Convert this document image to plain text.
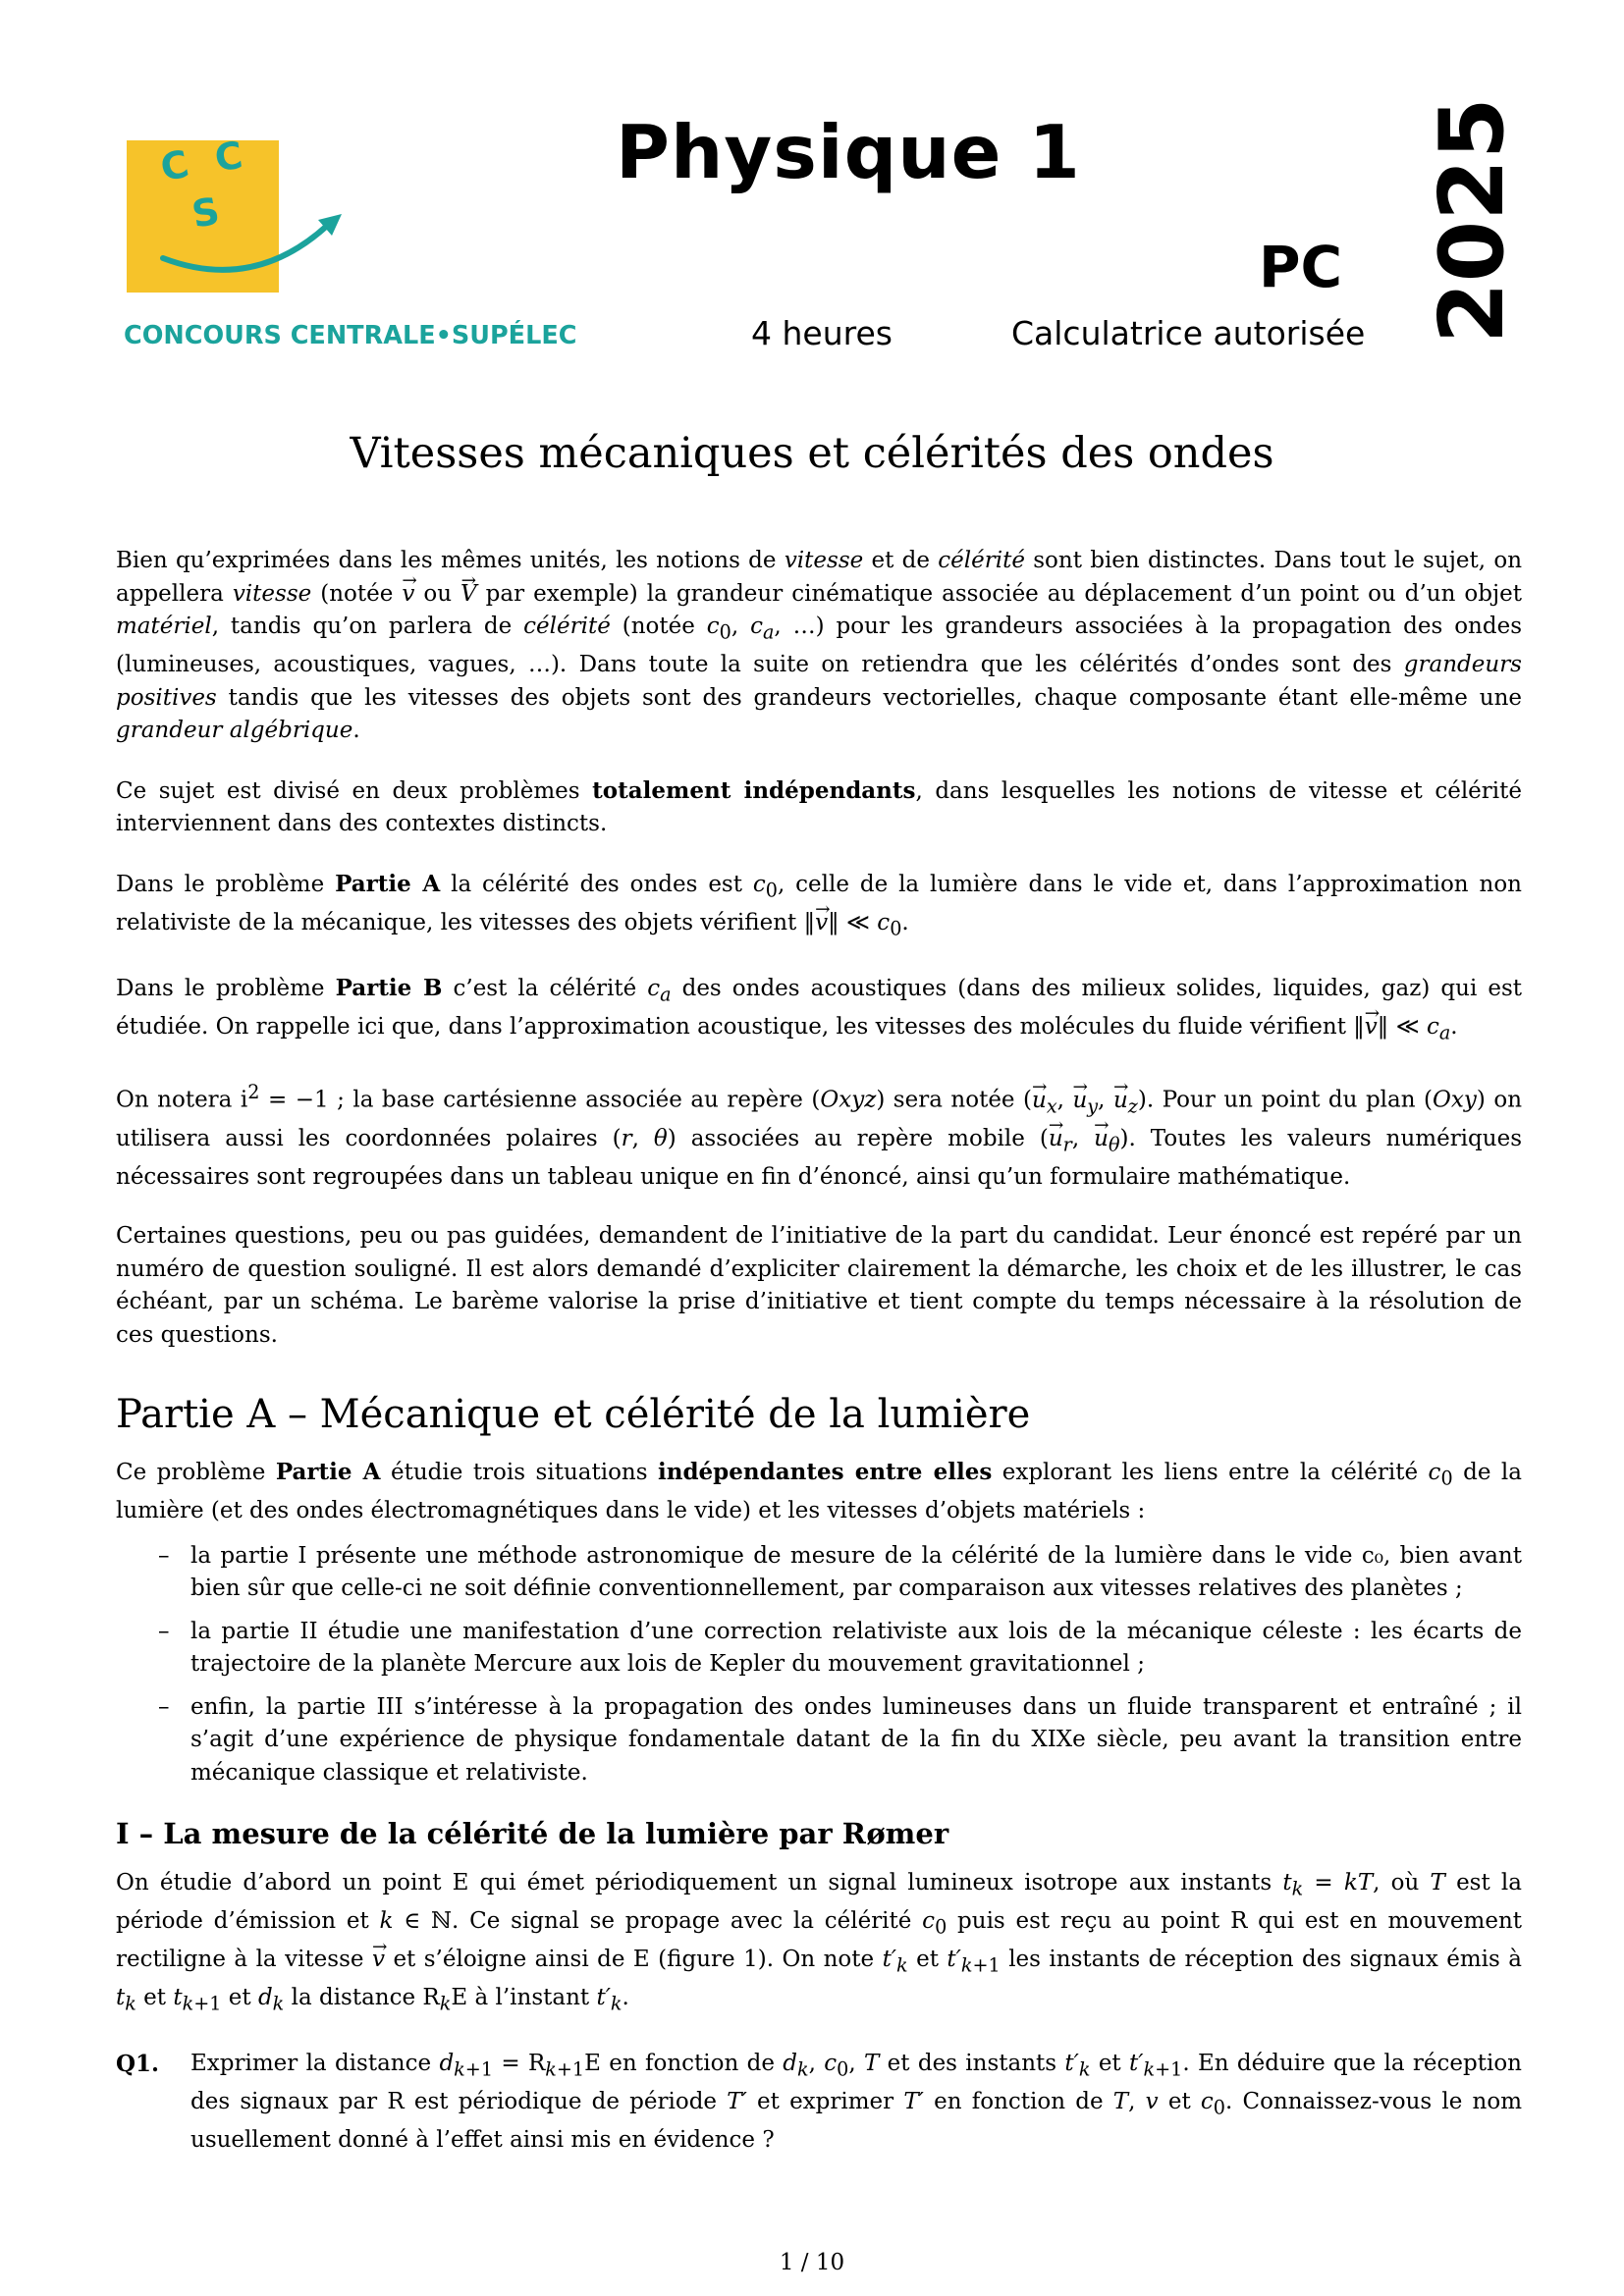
C C
S
CONCOURS CENTRALE•SUPÉLEC
Physique 1
PC 2025
4 heures	Calculatrice autorisée
Vitesses mécaniques et célérités des ondes

Bien qu’exprimées dans les mêmes unités, les notions de vitesse et de célérité sont bien distinctes. Dans tout le sujet, on appellera vitesse (notée → v ou → V par exemple) la grandeur cinématique associée au déplacement d’un point ou d’un objet matériel, tandis qu’on parlera de célérité (notée $c_0$, $c_a$, …) pour les grandeurs associées à la propagation des ondes (lumineuses, acoustiques, vagues, …). Dans toute la suite on retiendra que les célérités d’ondes sont des grandeurs positives tandis que les vitesses des objets sont des grandeurs vectorielles, chaque composante étant elle-même une grandeur algébrique.

Ce sujet est divisé en deux problèmes totalement indépendants, dans lesquelles les notions de vitesse et célérité interviennent dans des contextes distincts.

Dans le problème Partie A la célérité des ondes est $c_0$, celle de la lumière dans le vide et, dans l’approximation non relativiste de la mécanique, les vitesses des objets vérifient ‖→ v‖ ≪ $c_0$.

Dans le problème Partie B c’est la célérité $c_a$ des ondes acoustiques (dans des milieux solides, liquides, gaz) qui est étudiée. On rappelle ici que, dans l’approximation acoustique, les vitesses des molécules du fluide vérifient ‖→ v‖ ≪ $c_a$.

On notera $i^2 = -1$ ; la base cartésienne associée au repère (Oxyz) sera notée (→ $u_x$, → $u_y$, → $u_z$). Pour un point du plan (Oxy) on utilisera aussi les coordonnées polaires (r, θ) associées au repère mobile (→ $u_r$, → $u_\theta$). Toutes les valeurs numériques nécessaires sont regroupées dans un tableau unique en fin d’énoncé, ainsi qu’un formulaire mathématique.

Certaines questions, peu ou pas guidées, demandent de l’initiative de la part du candidat. Leur énoncé est repéré par un numéro de question souligné. Il est alors demandé d’expliciter clairement la démarche, les choix et de les illustrer, le cas échéant, par un schéma. Le barème valorise la prise d’initiative et tient compte du temps nécessaire à la résolution de ces questions.

Partie A – Mécanique et célérité de la lumière

Ce problème Partie A étudie trois situations indépendantes entre elles explorant les liens entre la célérité $c_0$ de la lumière (et des ondes électromagnétiques dans le vide) et les vitesses d’objets matériels :

– la partie I présente une méthode astronomique de mesure de la célérité de la lumière dans le vide c₀, bien avant bien sûr que celle-ci ne soit définie conventionnellement, par comparaison aux vitesses relatives des planètes ;
– la partie II étudie une manifestation d’une correction relativiste aux lois de la mécanique céleste : les écarts de trajectoire de la planète Mercure aux lois de Kepler du mouvement gravitationnel ;
– enfin, la partie III s’intéresse à la propagation des ondes lumineuses dans un fluide transparent et entraîné ; il s’agit d’une expérience de physique fondamentale datant de la fin du XIXe siècle, peu avant la transition entre mécanique classique et relativiste.
I – La mesure de la célérité de la lumière par Rømer

On étudie d’abord un point E qui émet périodiquement un signal lumineux isotrope aux instants $t_k$ = kT, où T est la période d’émission et k ∈ ℕ. Ce signal se propage avec la célérité $c_0$ puis est reçu au point R qui est en mouvement rectiligne à la vitesse → v et s’éloigne ainsi de E (figure 1). On note $t'_k$ et $t'_{k+1}$ les instants de réception des signaux émis à $t_k$ et $t_{k+1}$ et $d_k$ la distance $R_kE$ à l’instant $t'_k$.

Q1.	Exprimer la distance $d_{k+1} = R_{k+1}E$ en fonction de $d_k$, $c_0$, T et des instants $t'_k$ et $t'_{k+1}$. En déduire que la réception des signaux par R est périodique de période T′ et exprimer T′ en fonction de T, v et $c_0$. Connaissez-vous le nom usuellement donné à l’effet ainsi mis en évidence ?
1 / 10
